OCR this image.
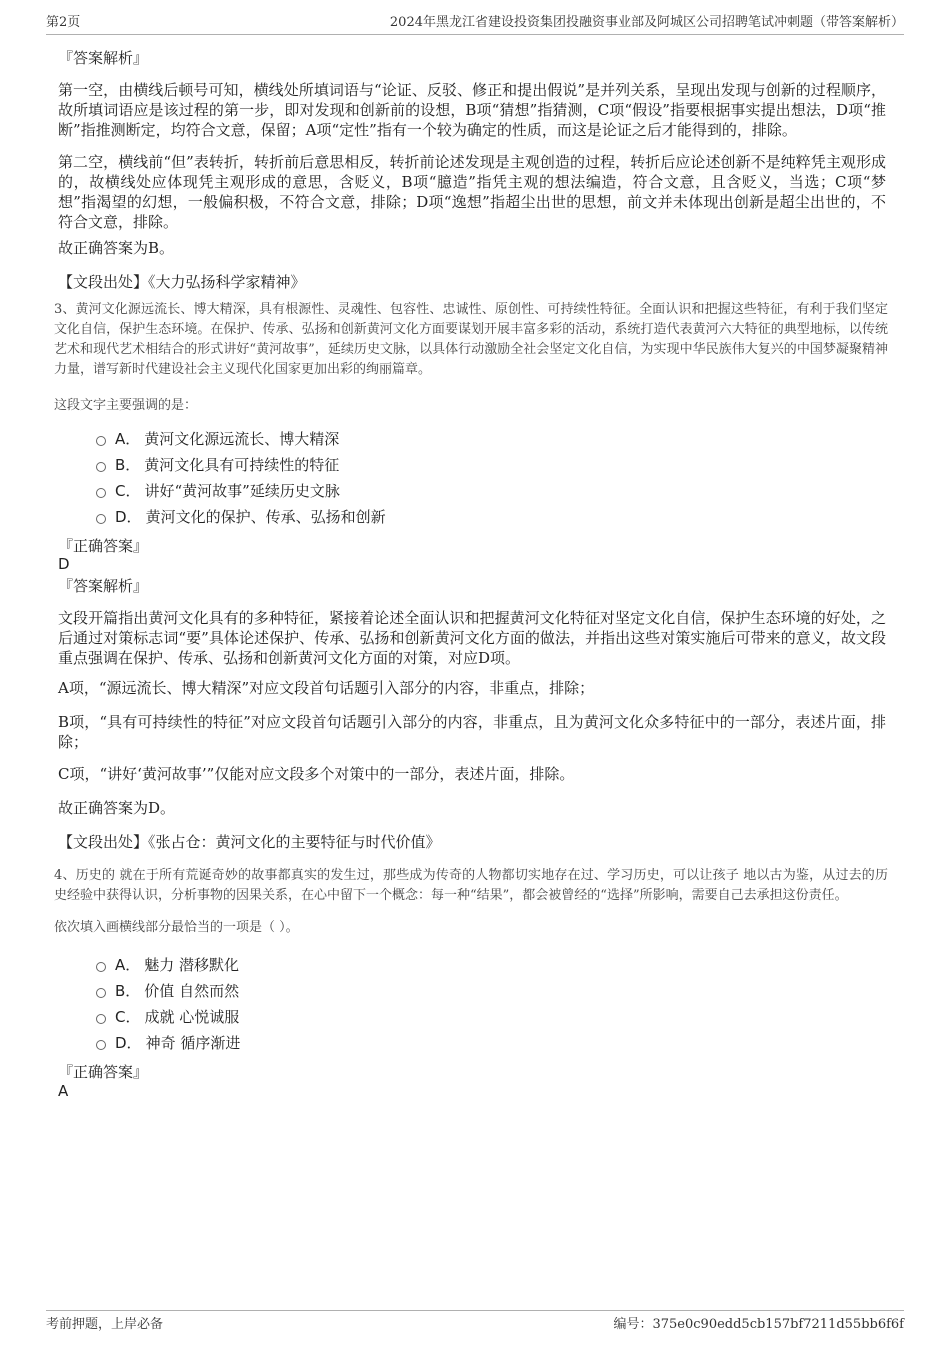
第2页	2024年黑龙江省建设投资集团投融资事业部及阿城区公司招聘笔试冲刺题（带答案解析）
『答案解析』
第一空，由横线后顿号可知，横线处所填词语与“论证、反驳、修正和提出假说”是并列关系，呈现出发现与创新的过程顺序，故所填词语应是该过程的第一步，即对发现和创新前的设想，B项“猜想”指猜测，C项“假设”指要根据事实提出想法，D项“推断”指推测断定，均符合文意，保留；A项“定性”指有一个较为确定的性质，而这是论证之后才能得到的，排除。
第二空，横线前“但”表转折，转折前后意思相反，转折前论述发现是主观创造的过程，转折后应论述创新不是纯粹凭主观形成的，故横线处应体现凭主观形成的意思，含贬义，B项“臆造”指凭主观的想法编造，符合文意，且含贬义，当选；C项“梦想”指渴望的幻想，一般偏积极，不符合文意，排除；D项“逸想”指超尘出世的思想，前文并未体现出创新是超尘出世的，不符合文意，排除。
故正确答案为B。
【文段出处】《大力弘扬科学家精神》
3、黄河文化源远流长、博大精深，具有根源性、灵魂性、包容性、忠诚性、原创性、可持续性特征。全面认识和把握这些特征，有利于我们坚定文化自信，保护生态环境。在保护、传承、弘扬和创新黄河文化方面要谋划开展丰富多彩的活动，系统打造代表黄河六大特征的典型地标，以传统艺术和现代艺术相结合的形式讲好“黄河故事”，延续历史文脉，以具体行动激励全社会坚定文化自信，为实现中华民族伟大复兴的中国梦凝聚精神力量，谱写新时代建设社会主义现代化国家更加出彩的绚丽篇章。
这段文字主要强调的是：
A． 黄河文化源远流长、博大精深
B． 黄河文化具有可持续性的特征
C． 讲好“黄河故事”延续历史文脉
D． 黄河文化的保护、传承、弘扬和创新
『正确答案』
D
『答案解析』
文段开篇指出黄河文化具有的多种特征，紧接着论述全面认识和把握黄河文化特征对坚定文化自信，保护生态环境的好处，之后通过对策标志词“要”具体论述保护、传承、弘扬和创新黄河文化方面的做法，并指出这些对策实施后可带来的意义，故文段重点强调在保护、传承、弘扬和创新黄河文化方面的对策，对应D项。
A项，“源远流长、博大精深”对应文段首句话题引入部分的内容，非重点，排除；
B项，“具有可持续性的特征”对应文段首句话题引入部分的内容，非重点，且为黄河文化众多特征中的一部分，表述片面，排除；
C项，“讲好‘黄河故事’”仅能对应文段多个对策中的一部分，表述片面，排除。
故正确答案为D。
【文段出处】《张占仓：黄河文化的主要特征与时代价值》
4、历史的 就在于所有荒诞奇妙的故事都真实的发生过，那些成为传奇的人物都切实地存在过、学习历史，可以让孩子 地以古为鉴，从过去的历史经验中获得认识，分析事物的因果关系，在心中留下一个概念：每一种“结果”，都会被曾经的“选择”所影响，需要自己去承担这份责任。
依次填入画横线部分最恰当的一项是（ ）。
A． 魅力 潜移默化
B． 价值 自然而然
C． 成就 心悦诚服
D． 神奇 循序渐进
『正确答案』
A
考前押题，上岸必备	编号：375e0c90edd5cb157bf7211d55bb6f6f
